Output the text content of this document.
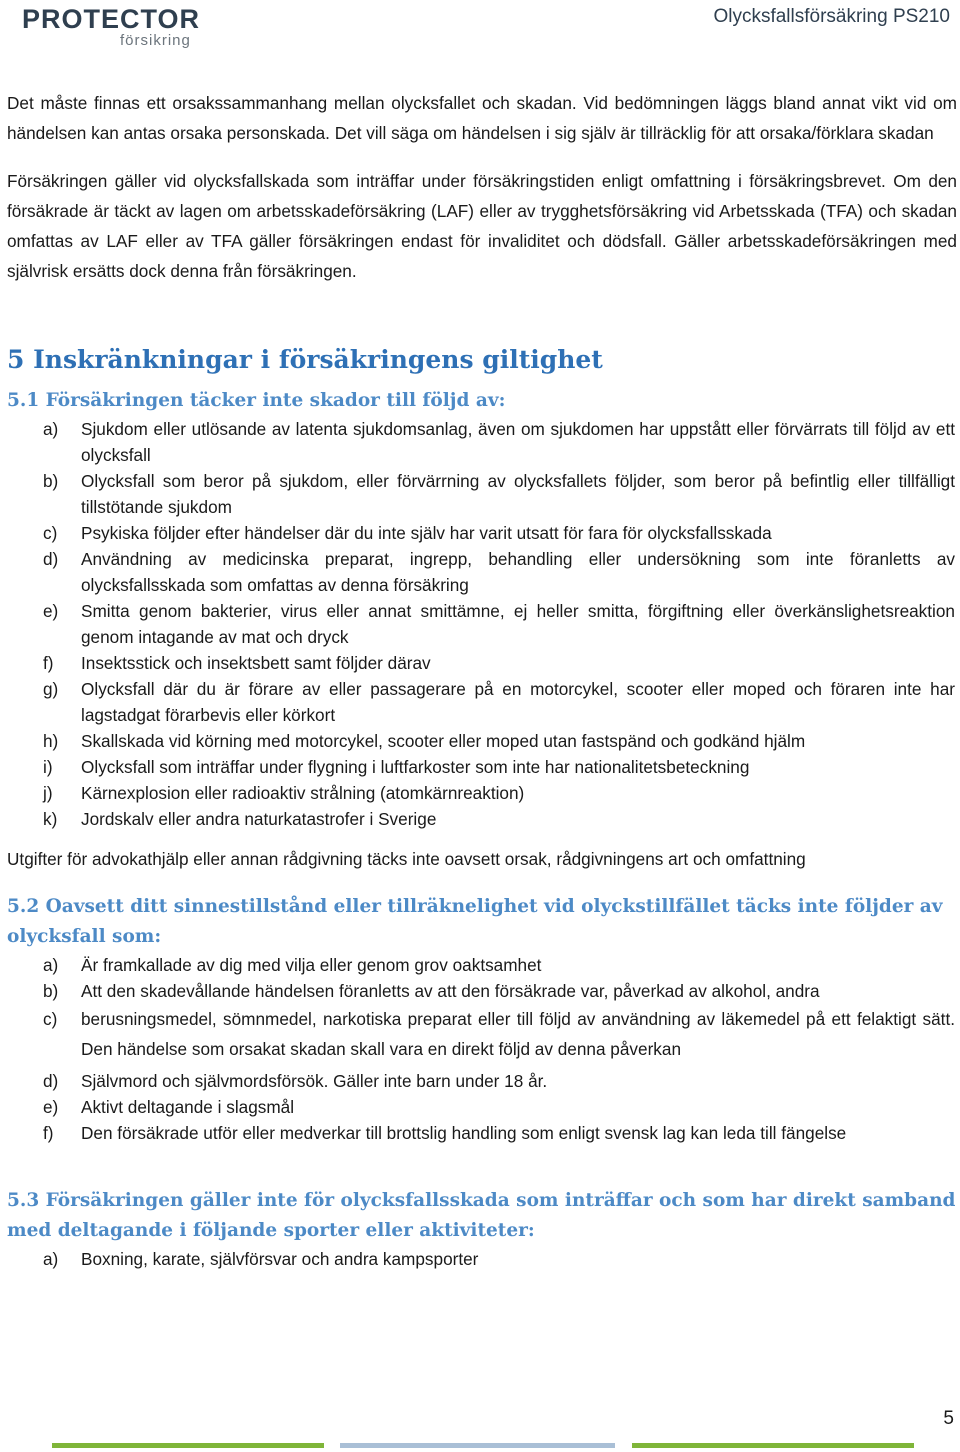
PROTECTOR
försikring
Olycksfallsförsäkring PS210

Det måste finnas ett orsakssammanhang mellan olycksfallet och skadan. Vid bedömningen läggs bland annat vikt vid om händelsen kan antas orsaka personskada. Det vill säga om händelsen i sig själv är tillräcklig för att orsaka/förklara skadan

Försäkringen gäller vid olycksfallskada som inträffar under försäkringstiden enligt omfattning i försäkringsbrevet. Om den försäkrade är täckt av lagen om arbetsskadeförsäkring (LAF) eller av trygghetsförsäkring vid Arbetsskada (TFA) och skadan omfattas av LAF eller av TFA gäller försäkringen endast för invaliditet och dödsfall. Gäller arbetsskadeförsäkringen med självrisk ersätts dock denna från försäkringen.

5 Inskränkningar i försäkringens giltighet
5.1 Försäkringen täcker inte skador till följd av:
a) Sjukdom eller utlösande av latenta sjukdomsanlag, även om sjukdomen har uppstått eller förvärrats till följd av ett olycksfall
b) Olycksfall som beror på sjukdom, eller förvärrning av olycksfallets följder, som beror på befintlig eller tillfälligt tillstötande sjukdom
c) Psykiska följder efter händelser där du inte själv har varit utsatt för fara för olycksfallsskada
d) Användning av medicinska preparat, ingrepp, behandling eller undersökning som inte föranletts av olycksfallsskada som omfattas av denna försäkring
e) Smitta genom bakterier, virus eller annat smittämne, ej heller smitta, förgiftning eller överkänslighetsreaktion genom intagande av mat och dryck
f) Insektsstick och insektsbett samt följder därav
g) Olycksfall där du är förare av eller passagerare på en motorcykel, scooter eller moped och föraren inte har lagstadgat förarbevis eller körkort
h) Skallskada vid körning med motorcykel, scooter eller moped utan fastspänd och godkänd hjälm
i) Olycksfall som inträffar under flygning i luftfarkoster som inte har nationalitetsbeteckning
j) Kärnexplosion eller radioaktiv strålning (atomkärnreaktion)
k) Jordskalv eller andra naturkatastrofer i Sverige

Utgifter för advokathjälp eller annan rådgivning täcks inte oavsett orsak, rådgivningens art och omfattning

5.2 Oavsett ditt sinnestillstånd eller tillräknelighet vid olyckstillfället täcks inte följder av olycksfall som:
a) Är framkallade av dig med vilja eller genom grov oaktsamhet
b) Att den skadevållande händelsen föranletts av att den försäkrade var, påverkad av alkohol, andra
c) berusningsmedel, sömnmedel, narkotiska preparat eller till följd av användning av läkemedel på ett felaktigt sätt. Den händelse som orsakat skadan skall vara en direkt följd av denna påverkan
d) Självmord och självmordsförsök. Gäller inte barn under 18 år.
e) Aktivt deltagande i slagsmål
f) Den försäkrade utför eller medverkar till brottslig handling som enligt svensk lag kan leda till fängelse
5.3 Försäkringen gäller inte för olycksfallsskada som inträffar och som har direkt samband med deltagande i följande sporter eller aktiviteter:
a) Boxning, karate, självförsvar och andra kampsporter
5
